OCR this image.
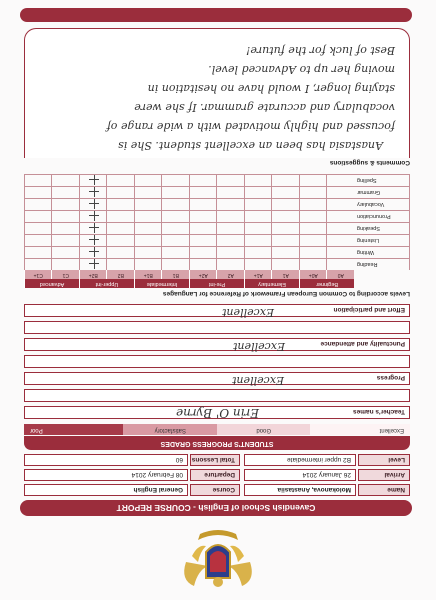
Cavendish School of English - COURSE REPORT
Name
Molokanova, Anastasiia
Course
General English
Arrival
26 January 2014
Departure
08 February 2014
Level
B2 upper intermediate
Total Lessons
60
STUDENT'S PROGRESS GRADES
Excellent
Good
Satisfactory
Poor
Teacher's names
Erin O' Byrne
Progress
Excellent
Punctuality and attendance
Excellent
Effort and participation
Excellent
Levels according to Common European Framework of Reference for Languages
Beginner
Elementary
Pre-int
Intermediate
Upper-int
Advanced
A0
A0+
A1
A1+
A2
A2+
B1
B1+
B2
B2+
C1
C1+
Reading
Writing
Listening
Speaking
Pronunciation
Vocabulary
Grammar
Spelling
Comments & suggestions
Anastasia has been an excellent student. She is
focussed and highly motivated with a wide range of
vocabulary and accurate grammar. If she were
staying longer, I would have no hesitation in
moving her up to Advanced level.
Best of luck for the future!
